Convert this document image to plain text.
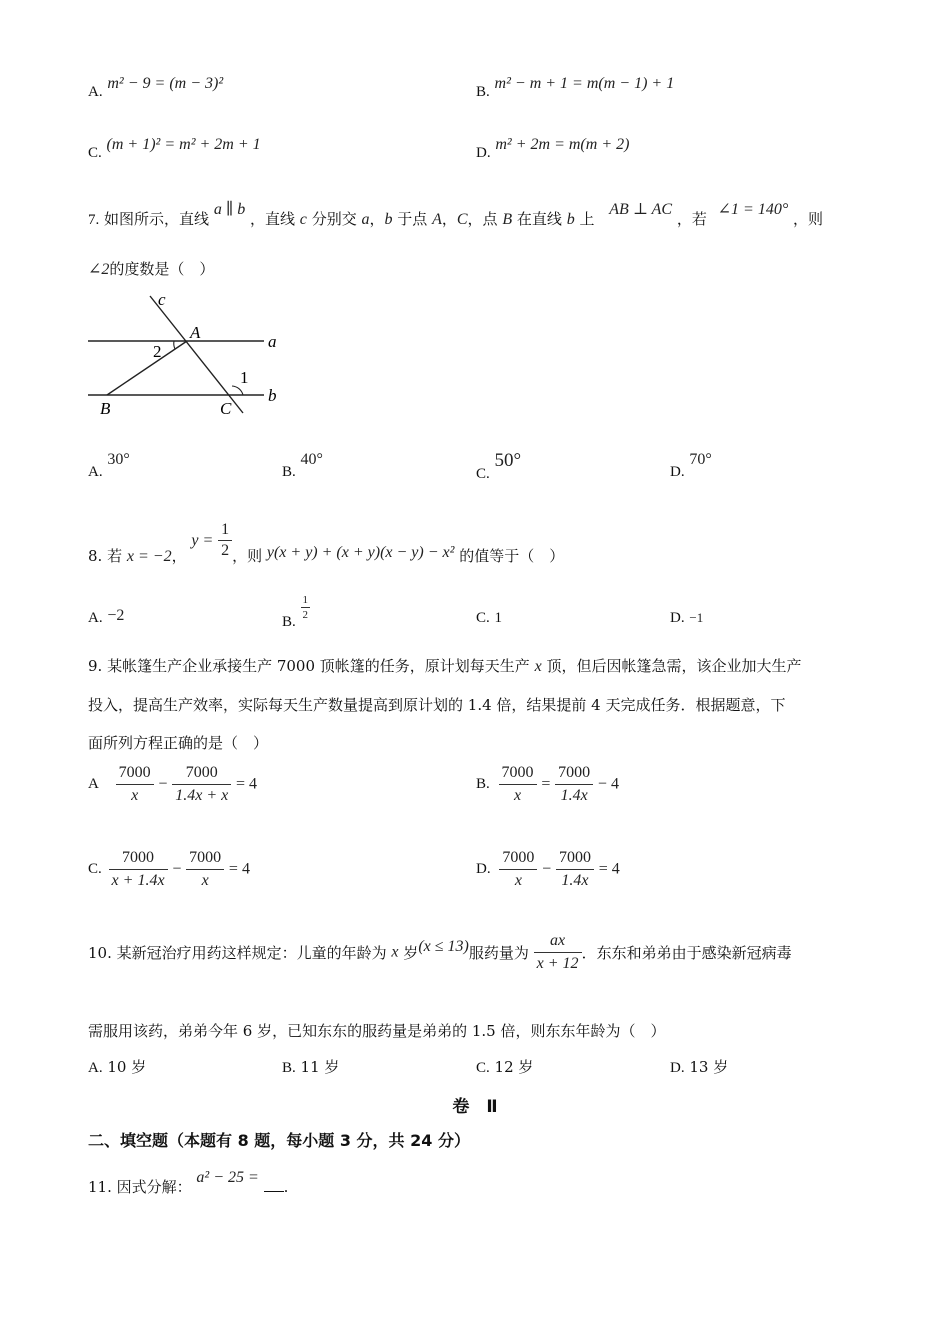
A. m² − 9 = (m − 3)²	B. m² − m + 1 = m(m − 1) + 1
C. (m + 1)² = m² + 2m + 1	D. m² + 2m = m(m + 2)
7. 如图所示，直线 a ∥ b ，直线 c 分别交 a，b 于点 A，C，点 B 在直线 b 上 AB ⊥ AC ，若 ∠1 = 140° ，则
∠2的度数是（　）
c
A	a
2
1
B	C
b
A. 30°
B. 40°
C. 50°
D. 70°
8. 若 x = −2， $y = \frac{1}{2}$ ，则 y(x + y) + (x + y)(x − y) − x² 的值等于（　）
A. −2	B.
$\frac{1}{2}$	C. 1	D. −1
9. 某帐篷生产企业承接生产 7000 顶帐篷的任务，原计划每天生产 x 顶，但后因帐篷急需，该企业加大生产
投入，提高生产效率，实际每天生产数量提高到原计划的 1.4 倍，结果提前 4 天完成任务．根据题意，下
面所列方程正确的是（　）
A $\frac{7000}{x} - \frac{7000}{1.4x + x} = 4$	B. $\frac{7000}{x} = \frac{7000}{1.4x} - 4$
C. $\frac{7000}{x + 1.4x} - \frac{7000}{x} = 4$	D. $\frac{7000}{x} - \frac{7000}{1.4x} = 4$
10. 某新冠治疗用药这样规定：儿童的年龄为 x 岁(x ≤ 13)服药量为 $\frac{ax}{x + 12}$ ．东东和弟弟由于感染新冠病毒
需服用该药，弟弟今年 6 岁，已知东东的服药量是弟弟的 1.5 倍，则东东年龄为（　）
A. 10 岁	B. 11 岁	C. 12 岁	D. 13 岁
卷　Ⅱ
二、填空题（本题有 8 题，每小题 3 分，共 24 分）
11. 因式分解： a² − 25 = .
